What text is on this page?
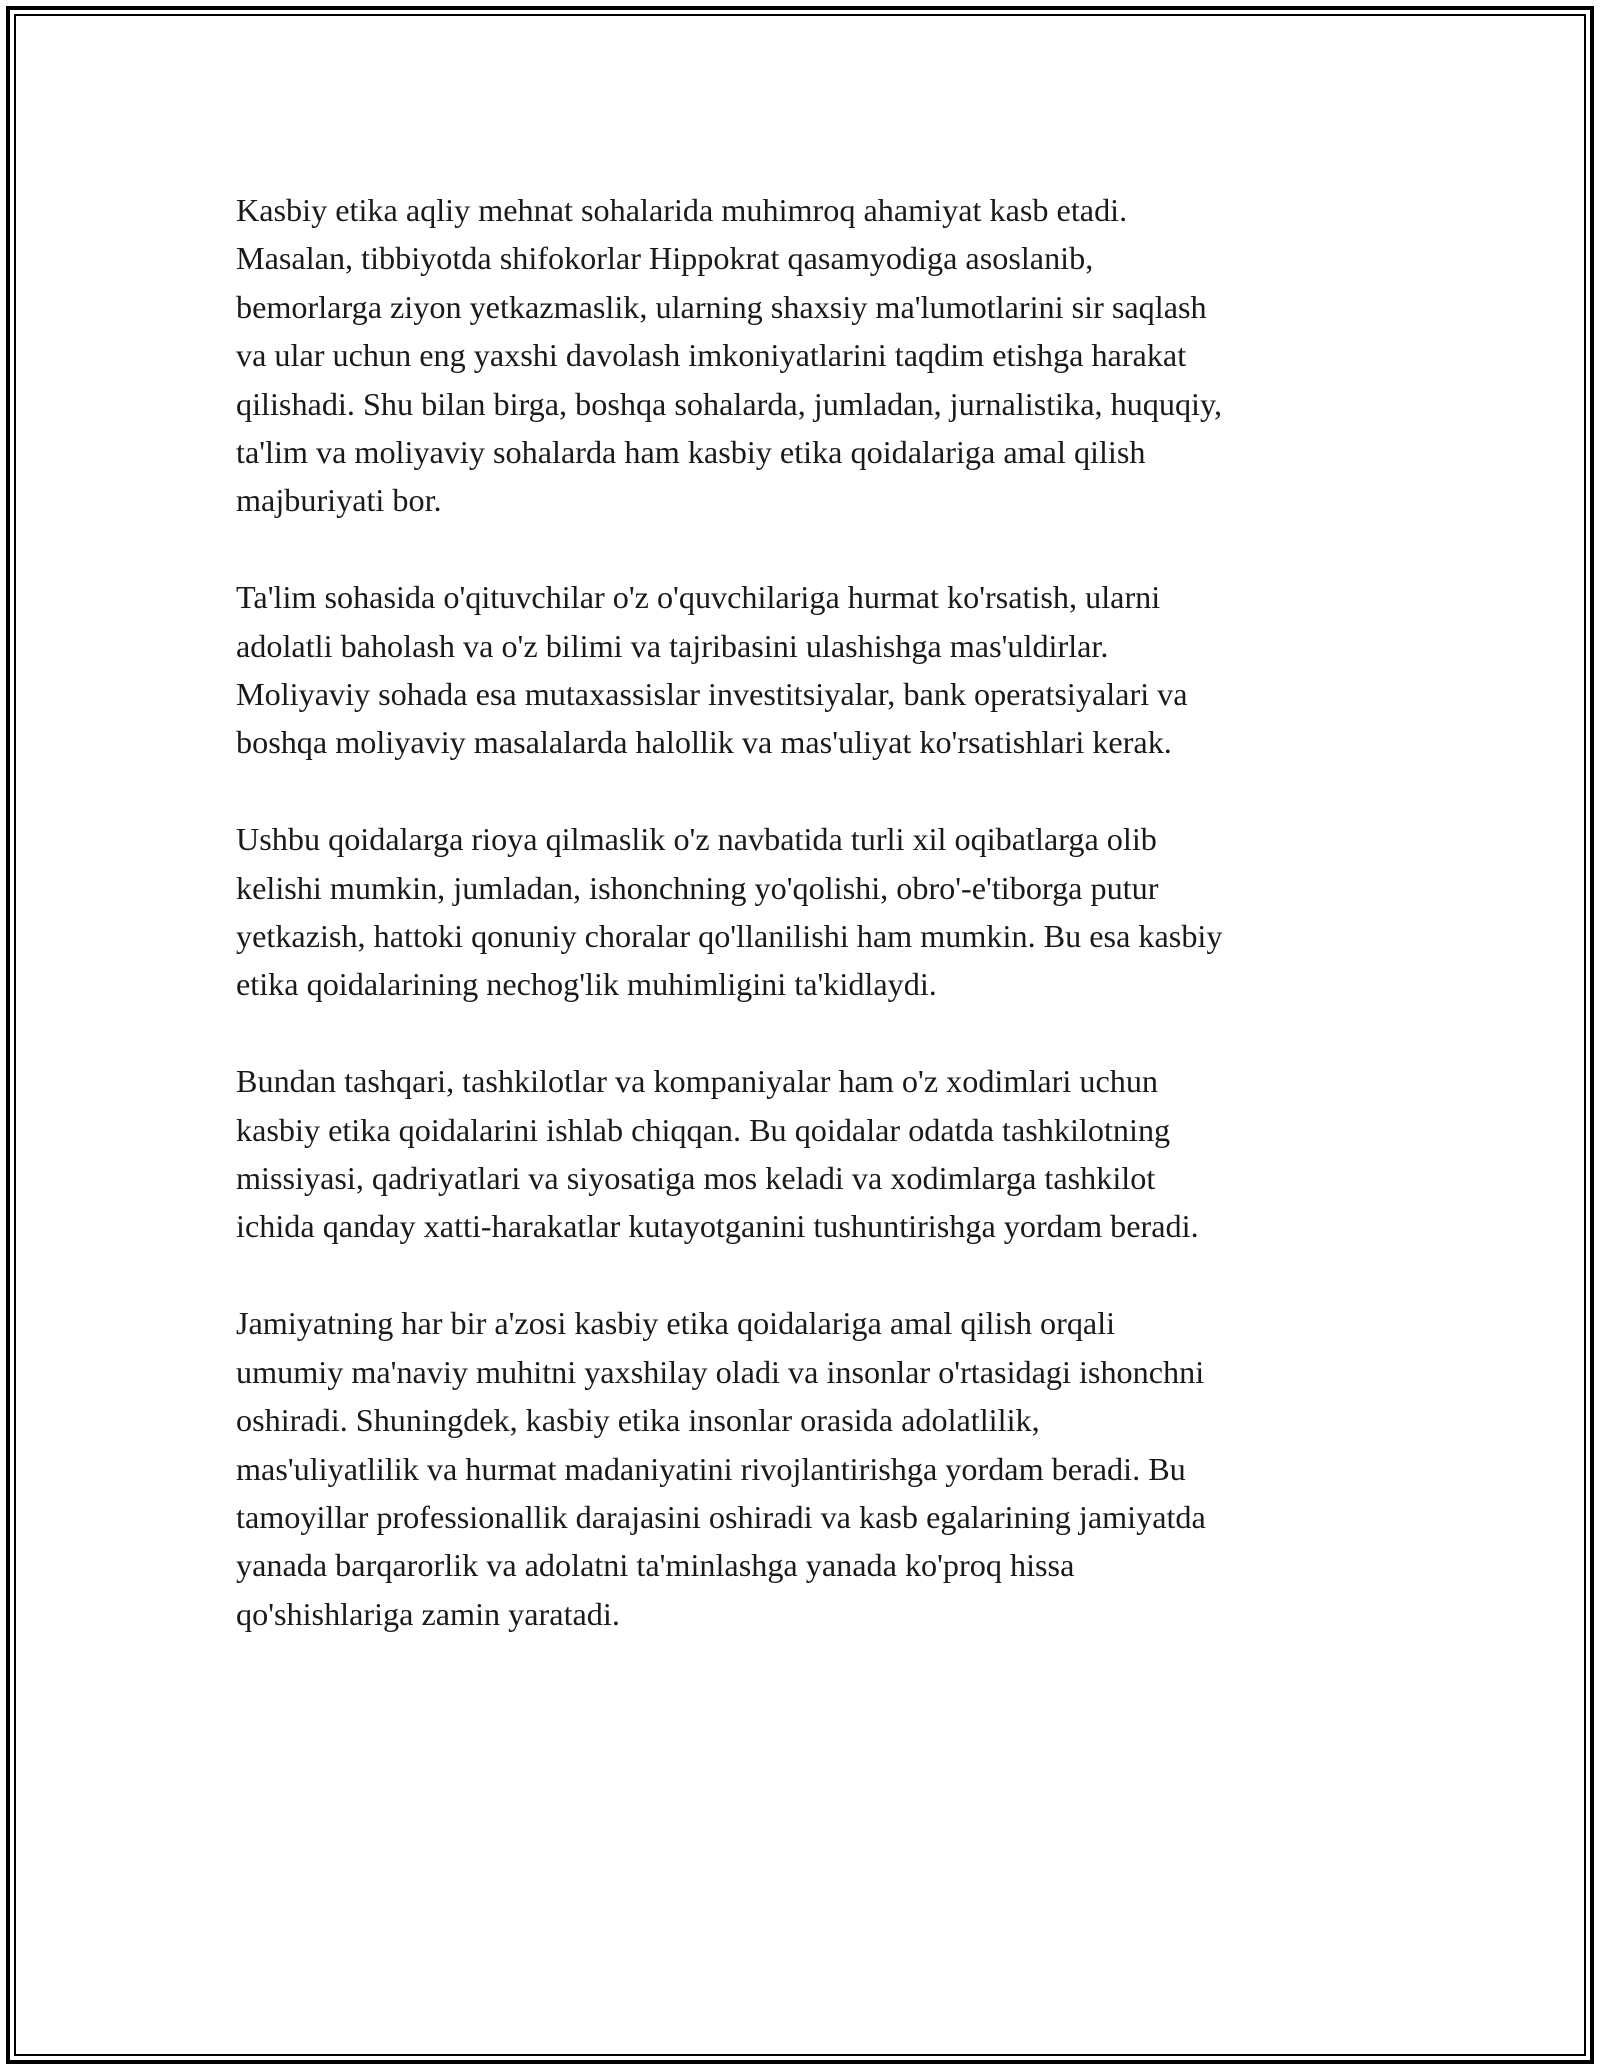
Kasbiy etika aqliy mehnat sohalarida muhimroq ahamiyat kasb etadi.
Masalan, tibbiyotda shifokorlar Hippokrat qasamyodiga asoslanib,
bemorlarga ziyon yetkazmaslik, ularning shaxsiy ma'lumotlarini sir saqlash
va ular uchun eng yaxshi davolash imkoniyatlarini taqdim etishga harakat
qilishadi. Shu bilan birga, boshqa sohalarda, jumladan, jurnalistika, huquqiy,
ta'lim va moliyaviy sohalarda ham kasbiy etika qoidalariga amal qilish
majburiyati bor.
Ta'lim sohasida o'qituvchilar o'z o'quvchilariga hurmat ko'rsatish, ularni
adolatli baholash va o'z bilimi va tajribasini ulashishga mas'uldirlar.
Moliyaviy sohada esa mutaxassislar investitsiyalar, bank operatsiyalari va
boshqa moliyaviy masalalarda halollik va mas'uliyat ko'rsatishlari kerak.
Ushbu qoidalarga rioya qilmaslik o'z navbatida turli xil oqibatlarga olib
kelishi mumkin, jumladan, ishonchning yo'qolishi, obro'-e'tiborga putur
yetkazish, hattoki qonuniy choralar qo'llanilishi ham mumkin. Bu esa kasbiy
etika qoidalarining nechog'lik muhimligini ta'kidlaydi.
Bundan tashqari, tashkilotlar va kompaniyalar ham o'z xodimlari uchun
kasbiy etika qoidalarini ishlab chiqqan. Bu qoidalar odatda tashkilotning
missiyasi, qadriyatlari va siyosatiga mos keladi va xodimlarga tashkilot
ichida qanday xatti-harakatlar kutayotganini tushuntirishga yordam beradi.
Jamiyatning har bir a'zosi kasbiy etika qoidalariga amal qilish orqali
umumiy ma'naviy muhitni yaxshilay oladi va insonlar o'rtasidagi ishonchni
oshiradi. Shuningdek, kasbiy etika insonlar orasida adolatlilik,
mas'uliyatlilik va hurmat madaniyatini rivojlantirishga yordam beradi. Bu
tamoyillar professionallik darajasini oshiradi va kasb egalarining jamiyatda
yanada barqarorlik va adolatni ta'minlashga yanada ko'proq hissa
qo'shishlariga zamin yaratadi.
